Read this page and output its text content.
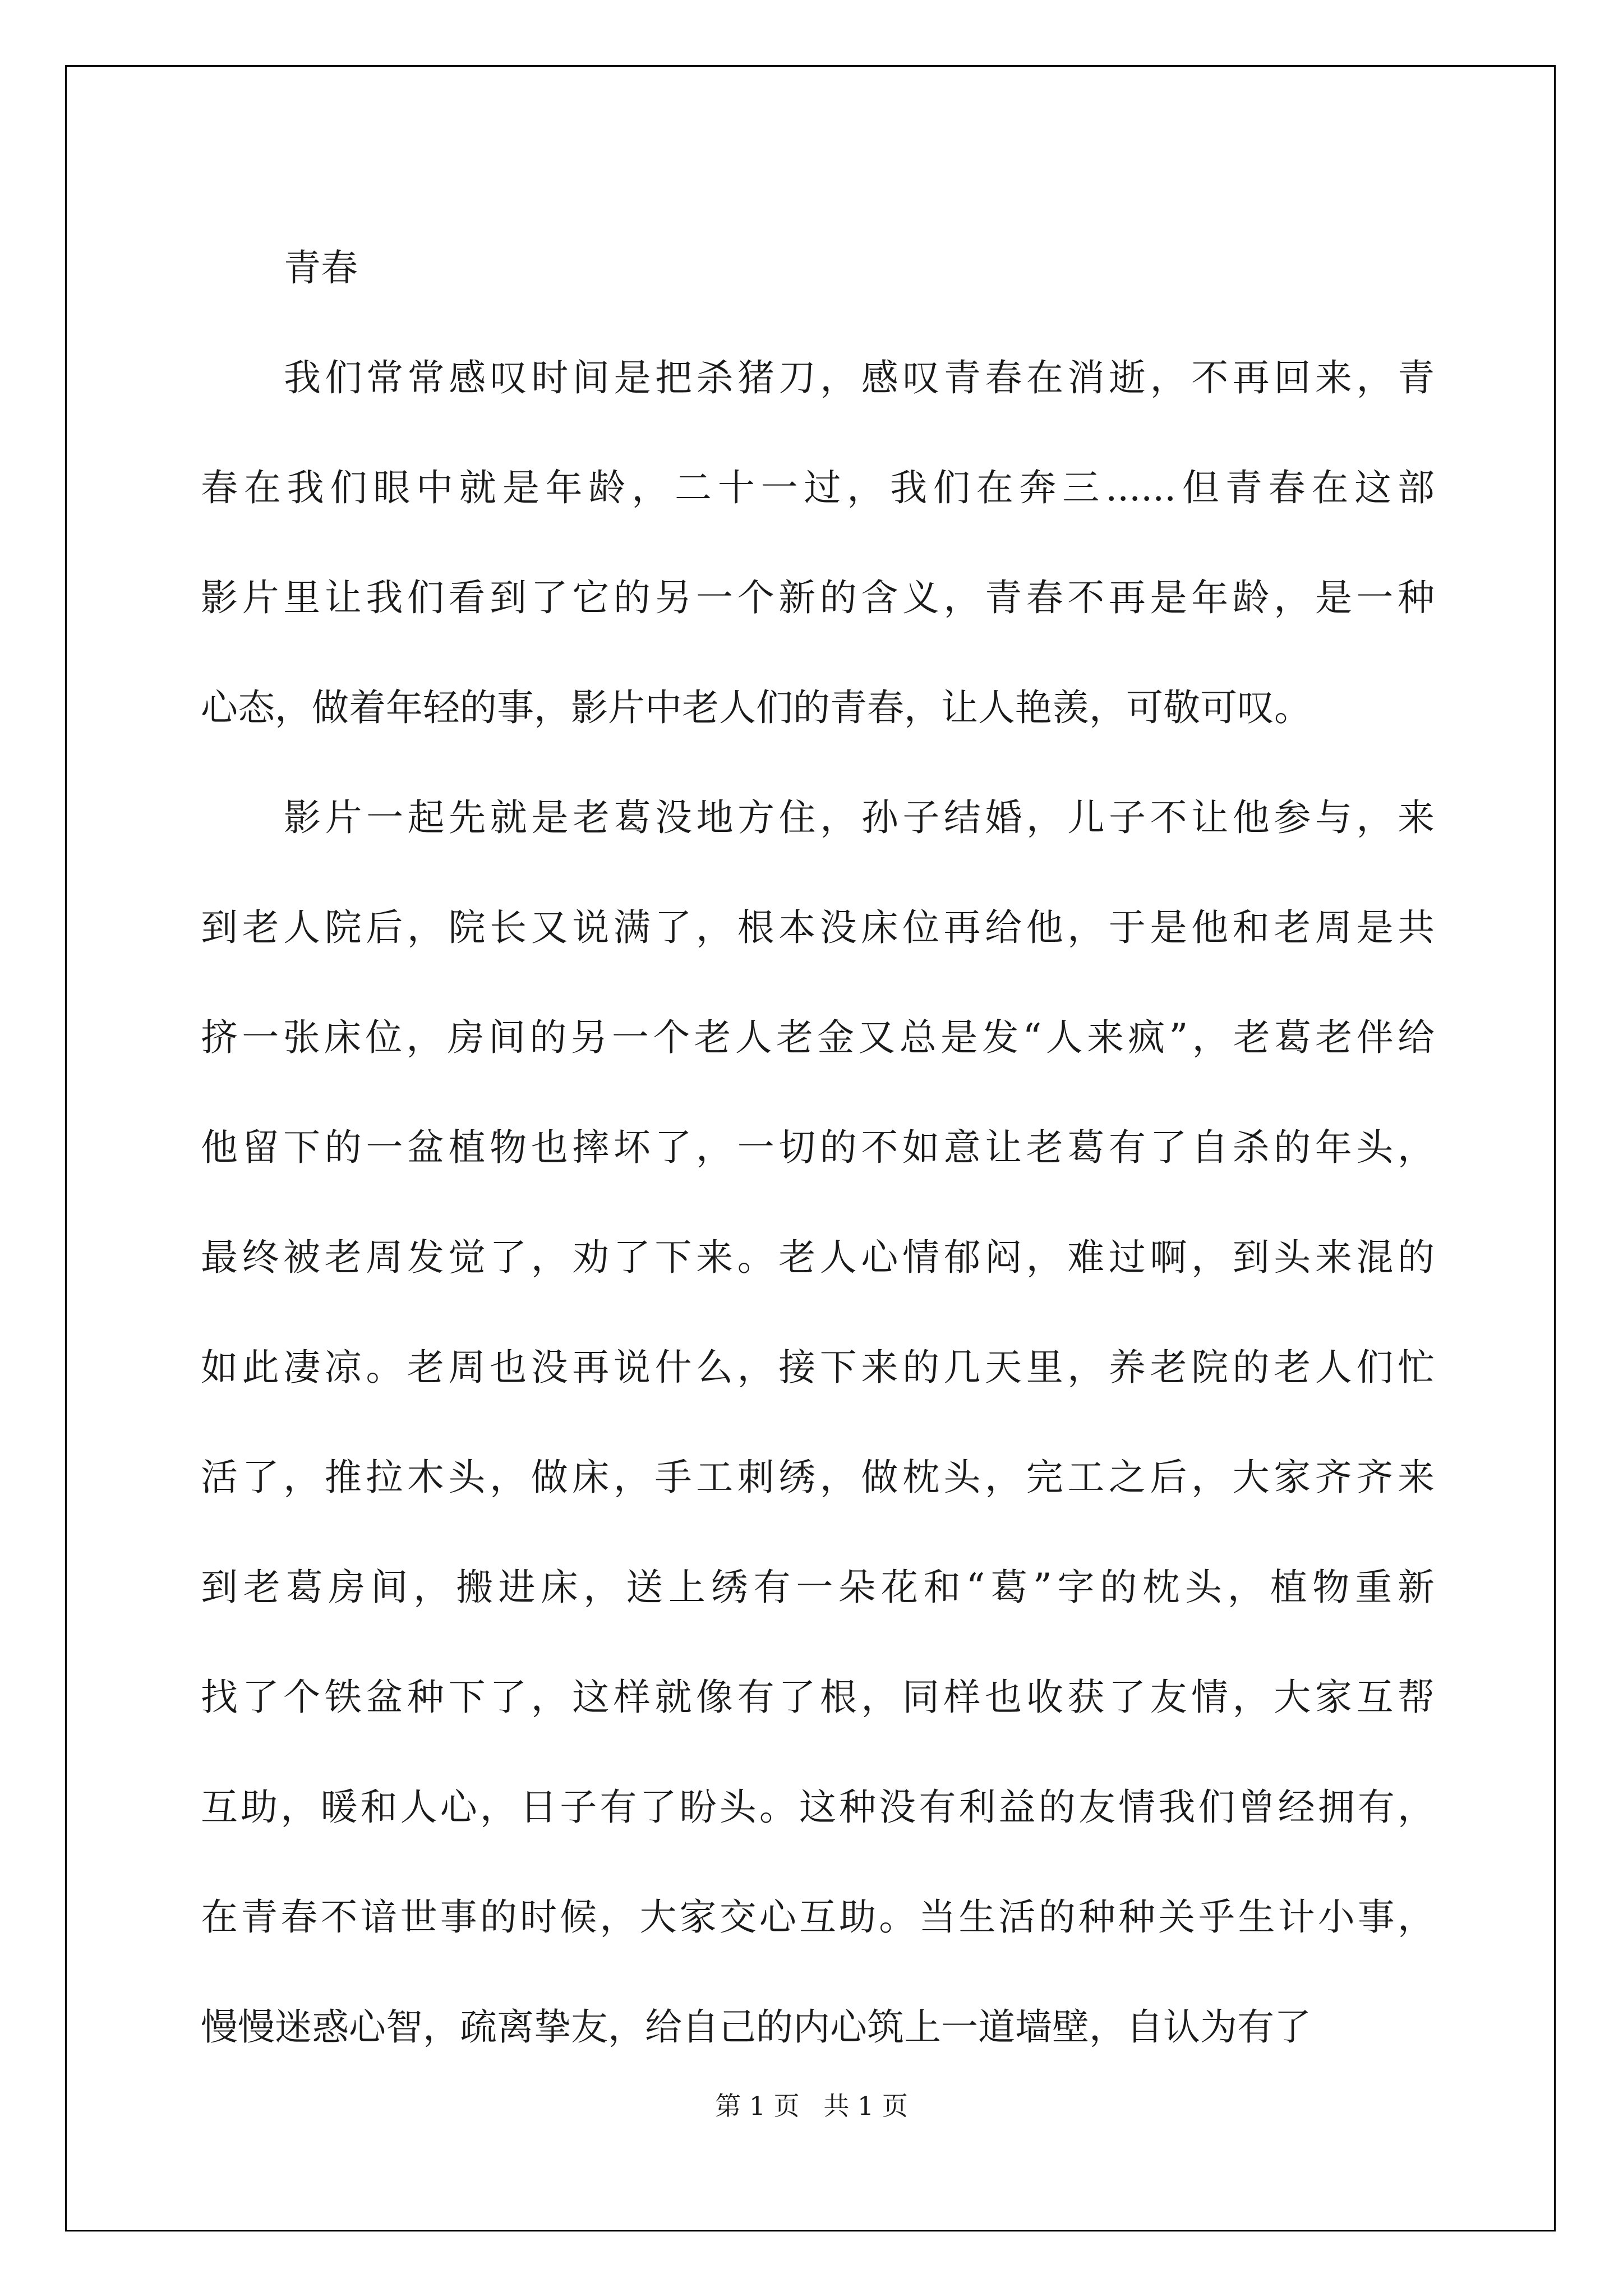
青春
我们常常感叹时间是把杀猪刀，感叹青春在消逝，不再回来，青
春在我们眼中就是年龄，二十一过，我们在奔三......但青春在这部
影片里让我们看到了它的另一个新的含义，青春不再是年龄，是一种
心态，做着年轻的事，影片中老人们的青春，让人艳羡，可敬可叹。
影片一起先就是老葛没地方住，孙子结婚，儿子不让他参与，来
到老人院后，院长又说满了，根本没床位再给他，于是他和老周是共
挤一张床位，房间的另一个老人老金又总是发“人来疯”，老葛老伴给
他留下的一盆植物也摔坏了，一切的不如意让老葛有了自杀的年头，
最终被老周发觉了，劝了下来。老人心情郁闷，难过啊，到头来混的
如此凄凉。老周也没再说什么，接下来的几天里，养老院的老人们忙
活了，推拉木头，做床，手工刺绣，做枕头，完工之后，大家齐齐来
到老葛房间，搬进床，送上绣有一朵花和“葛”字的枕头，植物重新
找了个铁盆种下了，这样就像有了根，同样也收获了友情，大家互帮
互助，暖和人心，日子有了盼头。这种没有利益的友情我们曾经拥有，
在青春不谙世事的时候，大家交心互助。当生活的种种关乎生计小事，
慢慢迷惑心智，疏离挚友，给自己的内心筑上一道墙壁，自认为有了
第 1 页 共 1 页
